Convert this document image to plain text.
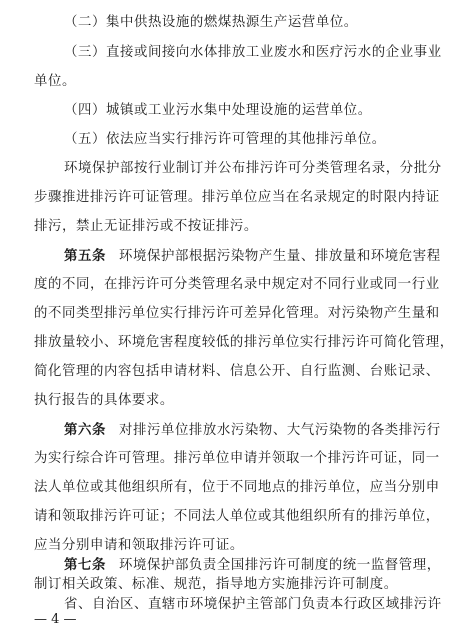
（二）集中供热设施的燃煤热源生产运营单位。
（三）直接或间接向水体排放工业废水和医疗污水的企业事业
单位。
（四）城镇或工业污水集中处理设施的运营单位。
（五）依法应当实行排污许可管理的其他排污单位。
环境保护部按行业制订并公布排污许可分类管理名录，分批分
步骤推进排污许可证管理。排污单位应当在名录规定的时限内持证
排污，禁止无证排污或不按证排污。
第五条 环境保护部根据污染物产生量、排放量和环境危害程
度的不同，在排污许可分类管理名录中规定对不同行业或同一行业
的不同类型排污单位实行排污许可差异化管理。对污染物产生量和
排放量较小、环境危害程度较低的排污单位实行排污许可简化管理，
简化管理的内容包括申请材料、信息公开、自行监测、台账记录、
执行报告的具体要求。
第六条 对排污单位排放水污染物、大气污染物的各类排污行
为实行综合许可管理。排污单位申请并领取一个排污许可证，同一
法人单位或其他组织所有，位于不同地点的排污单位，应当分别申
请和领取排污许可证；不同法人单位或其他组织所有的排污单位，
应当分别申请和领取排污许可证。
第七条 环境保护部负责全国排污许可制度的统一监督管理，
制订相关政策、标准、规范，指导地方实施排污许可制度。
省、自治区、直辖市环境保护主管部门负责本行政区域排污许
— 4 —
